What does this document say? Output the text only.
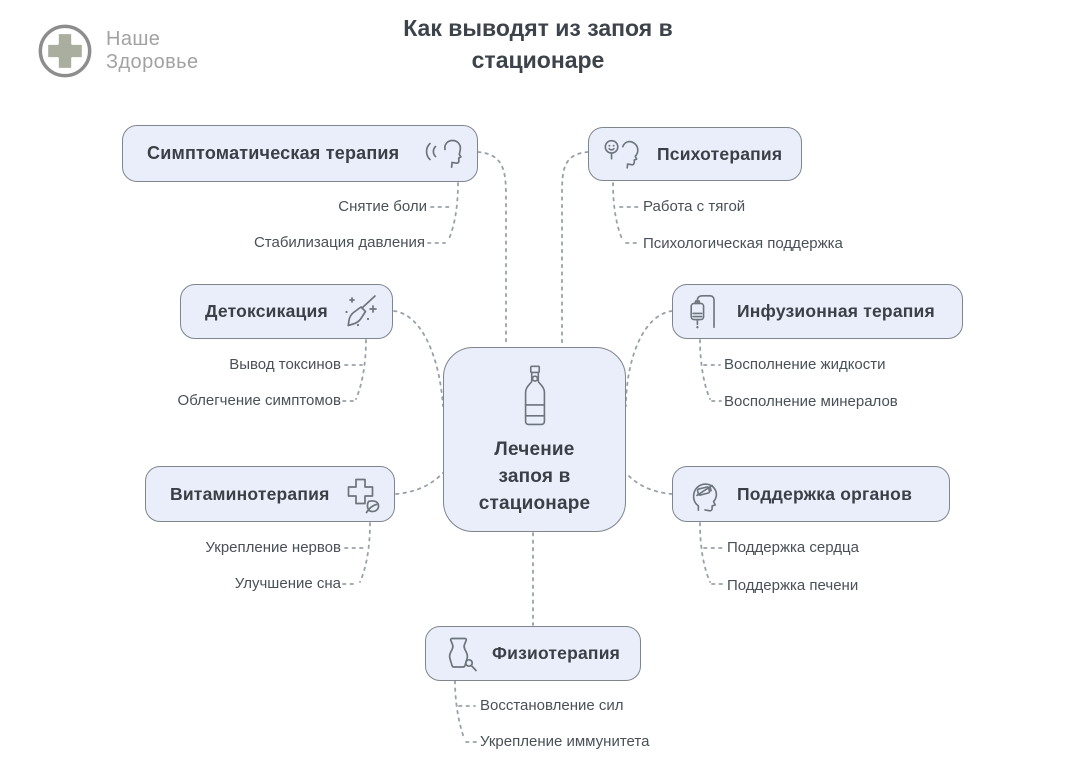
Наше
Здоровье
Как выводят из запоя в стационаре
Лечение запоя в стационаре
Симптоматическая терапия	Психотерапия
Детоксикация	Инфузионная терапия
Витаминотерапия	Поддержка органов
Физиотерапия
Снятие боли
Стабилизация давления
Работа с тягой
Психологическая поддержка
Вывод токсинов
Облегчение симптомов
Восполнение жидкости
Восполнение минералов
Укрепление нервов
Улучшение сна
Поддержка сердца
Поддержка печени
Восстановление сил
Укрепление иммунитета
